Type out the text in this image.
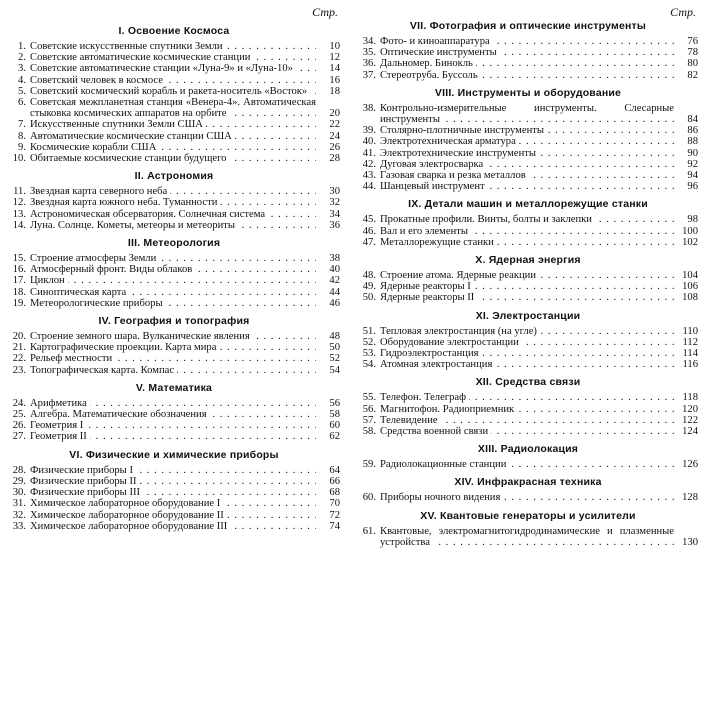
Стр.
I. Освоение Космоса
1. Советские искусственные спутники Земли . . .	10
2. Советские автоматические космические станции . . .	12
3. Советские автоматические станции «Луна-9» и «Луна-10» . . .	14
4. Советский человек в космосе . . .	16
5. Советский космический корабль и ракета-носитель «Восток» . . .	18
6. Советская межпланетная станция «Венера-4». Автоматическая стыковка космических аппаратов на орбите . . .	20
7. Искусственные спутники Земли США . . .	22
8. Автоматические космические станции США . . .	24
9. Космические корабли США . . .	26
10. Обитаемые космические станции будущего . . .	28
II. Астрономия
11. Звездная карта северного неба . . .	30
12. Звездная карта южного неба. Туманности . . .	32
13. Астрономическая обсерватория. Солнечная система . . .	34
14. Луна. Солнце. Кометы, метеоры и метеориты . . .	36
III. Метеорология
15. Строение атмосферы Земли . . .	38
16. Атмосферный фронт. Виды облаков . . .	40
17. Циклон . . .	42
18. Синоптическая карта . . .	44
19. Метеорологические приборы . . .	46
IV. География и топография
20. Строение земного шара. Вулканические явления . . .	48
21. Картографические проекции. Карта мира . . .	50
22. Рельеф местности . . .	52
23. Топографическая карта. Компас . . .	54
V. Математика
24. Арифметика . . .	56
25. Алгебра. Математические обозначения . . .	58
26. Геометрия I . . .	60
27. Геометрия II . . .	62
VI. Физические и химические приборы
28. Физические приборы I . . .	64
29. Физические приборы II . . .	66
30. Физические приборы III . . .	68
31. Химическое лабораторное оборудование I . . .	70
32. Химическое лабораторное оборудование II . . .	72
33. Химическое лабораторное оборудование III . . .	74
Стр.
VII. Фотография и оптические инструменты
34. Фото- и киноаппаратура . . .	76
35. Оптические инструменты . . .	78
36. Дальномер. Бинокль . . .	80
37. Стереотруба. Буссоль . . .	82
VIII. Инструменты и оборудование
38. Контрольно-измерительные инструменты. Слесарные инструменты . . .	84
39. Столярно-плотничные инструменты . . .	86
40. Электротехническая арматура . . .	88
41. Электротехнические инструменты . . .	90
42. Дуговая электросварка . . .	92
43. Газовая сварка и резка металлов . . .	94
44. Шанцевый инструмент . . .	96
IX. Детали машин и металлорежущие станки
45. Прокатные профили. Винты, болты и заклепки . . .	98
46. Вал и его элементы . . .	100
47. Металлорежущие станки . . .	102
X. Ядерная энергия
48. Строение атома. Ядерные реакции . . .	104
49. Ядерные реакторы I . . .	106
50. Ядерные реакторы II . . .	108
XI. Электростанции
51. Тепловая электростанция (на угле) . . .	110
52. Оборудование электростанции . . .	112
53. Гидроэлектростанция . . .	114
54. Атомная электростанция . . .	116
XII. Средства связи
55. Телефон. Телеграф . . .	118
56. Магнитофон. Радиоприемник . . .	120
57. Телевидение . . .	122
58. Средства военной связи . . .	124
XIII. Радиолокация
59. Радиолокационные станции . . .	126
XIV. Инфракрасная техника
60. Приборы ночного видения . . .	128
XV. Квантовые генераторы и усилители
61. Квантовые, электромагнитогидродинамические и плазменные устройства . . .	130
